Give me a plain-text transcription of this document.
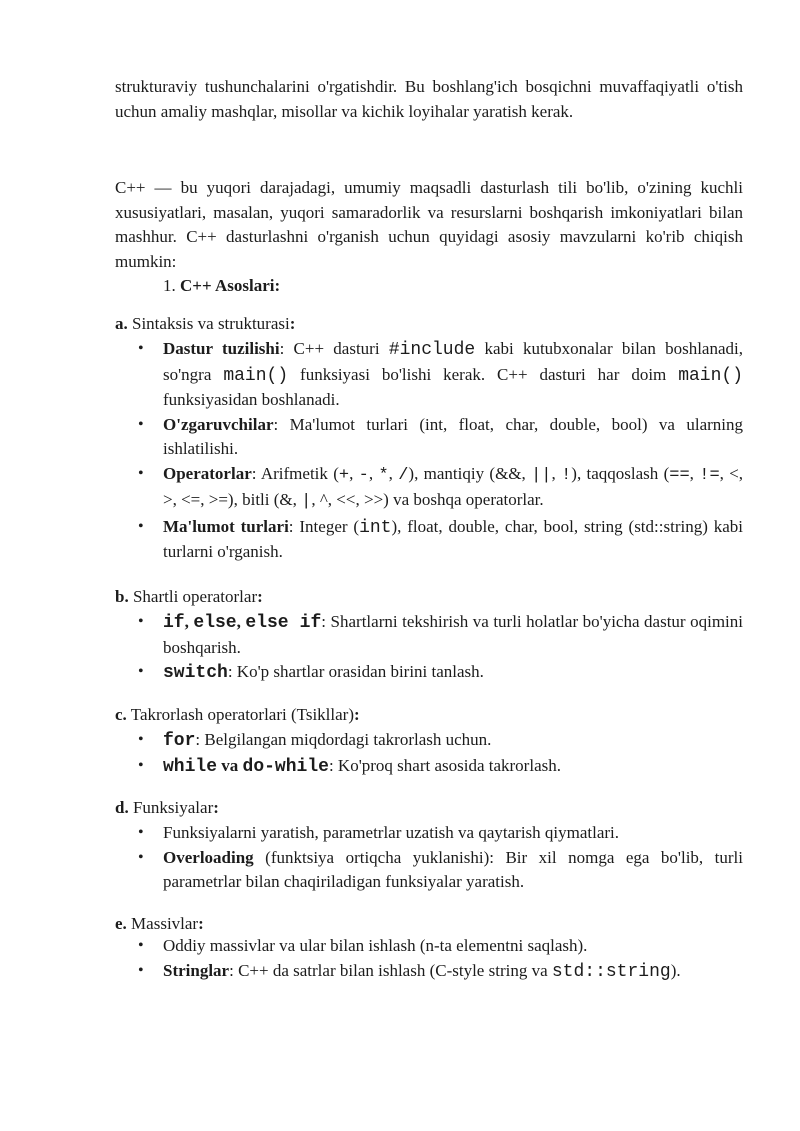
strukturaviy tushunchalarini o'rgatishdir. Bu boshlang'ich bosqichni muvaffaqiyatli o'tish uchun amaliy mashqlar, misollar va kichik loyihalar yaratish kerak.

C++ — bu yuqori darajadagi, umumiy maqsadli dasturlash tili bo'lib, o'zining kuchli xususiyatlari, masalan, yuqori samaradorlik va resurslarni boshqarish imkoniyatlari bilan mashhur. C++ dasturlashni o'rganish uchun quyidagi asosiy mavzularni ko'rib chiqish mumkin:

1. C++ Asoslari:

a. Sintaksis va strukturasi:

• Dastur tuzilishi: C++ dasturi #include kabi kutubxonalar bilan boshlanadi, so'ngra main() funksiyasi bo'lishi kerak. C++ dasturi har doim main() funksiyasidan boshlanadi.
• O'zgaruvchilar: Ma'lumot turlari (int, float, char, double, bool) va ularning ishlatilishi.
• Operatorlar: Arifmetik (+, -, *, /), mantiqiy (&&, ||, !), taqqoslash (==, !=, <, >, <=, >=), bitli (&, |, ^, <<, >>) va boshqa operatorlar.
• Ma'lumot turlari: Integer (int), float, double, char, bool, string (std::string) kabi turlarni o'rganish.

b. Shartli operatorlar:

• if, else, else if: Shartlarni tekshirish va turli holatlar bo'yicha dastur oqimini boshqarish.
• switch: Ko'p shartlar orasidan birini tanlash.

c. Takrorlash operatorlari (Tsikllar):

• for: Belgilangan miqdordagi takrorlash uchun.
• while va do-while: Ko'proq shart asosida takrorlash.

d. Funksiyalar:

• Funksiyalarni yaratish, parametrlar uzatish va qaytarish qiymatlari.
• Overloading (funktsiya ortiqcha yuklanishi): Bir xil nomga ega bo'lib, turli parametrlar bilan chaqiriladigan funksiyalar yaratish.

e. Massivlar:

• Oddiy massivlar va ular bilan ishlash (n-ta elementni saqlash).
• Stringlar: C++ da satrlar bilan ishlash (C-style string va std::string).
